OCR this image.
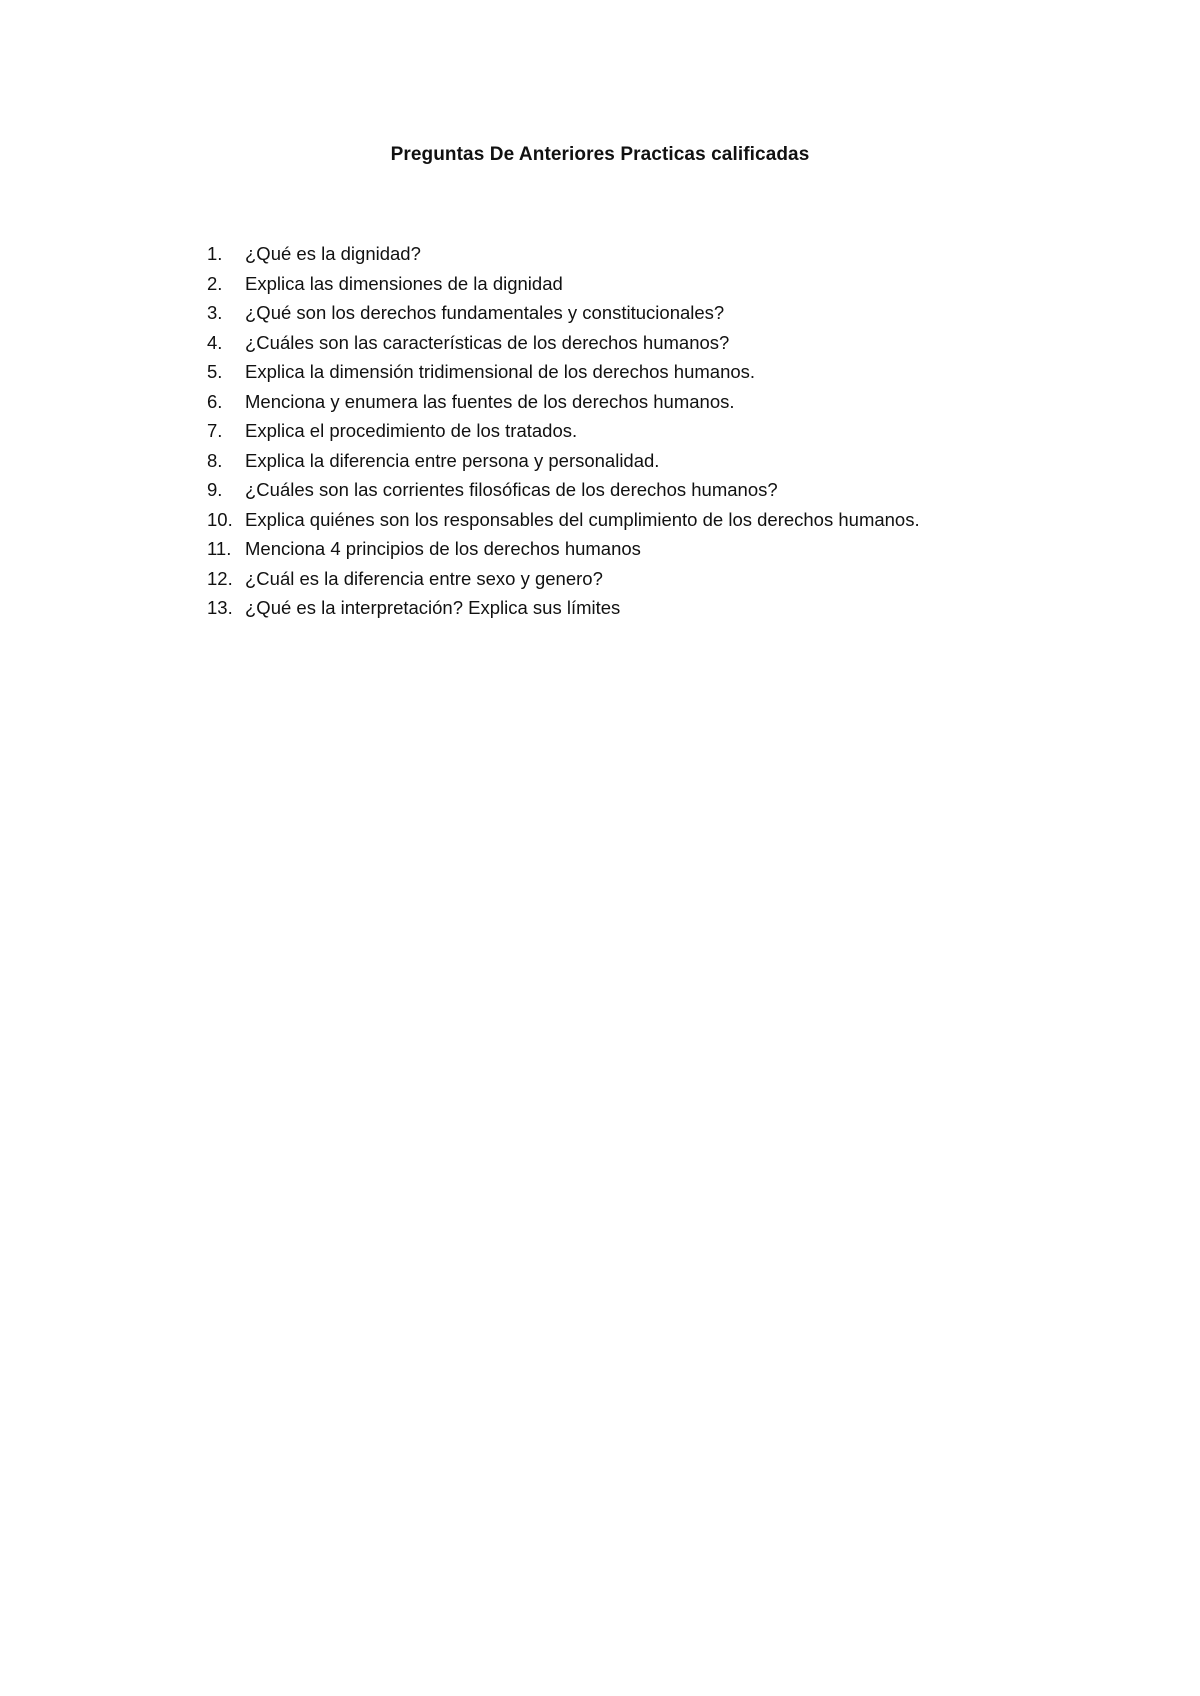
Preguntas De Anteriores Practicas calificadas
1.	¿Qué es la dignidad?
2.	Explica las dimensiones de la dignidad
3.	¿Qué son los derechos fundamentales y constitucionales?
4.	¿Cuáles son las características de los derechos humanos?
5.	Explica la dimensión tridimensional de los derechos humanos.
6.	Menciona y enumera las fuentes de los derechos humanos.
7.	Explica el procedimiento de los tratados.
8.	Explica la diferencia entre persona y personalidad.
9.	¿Cuáles son las corrientes filosóficas de los derechos humanos?
10. Explica quiénes son los responsables del cumplimiento de los derechos humanos.
11. Menciona 4 principios de los derechos humanos
12. ¿Cuál es la diferencia entre sexo y genero?
13. ¿Qué es la interpretación? Explica sus límites
